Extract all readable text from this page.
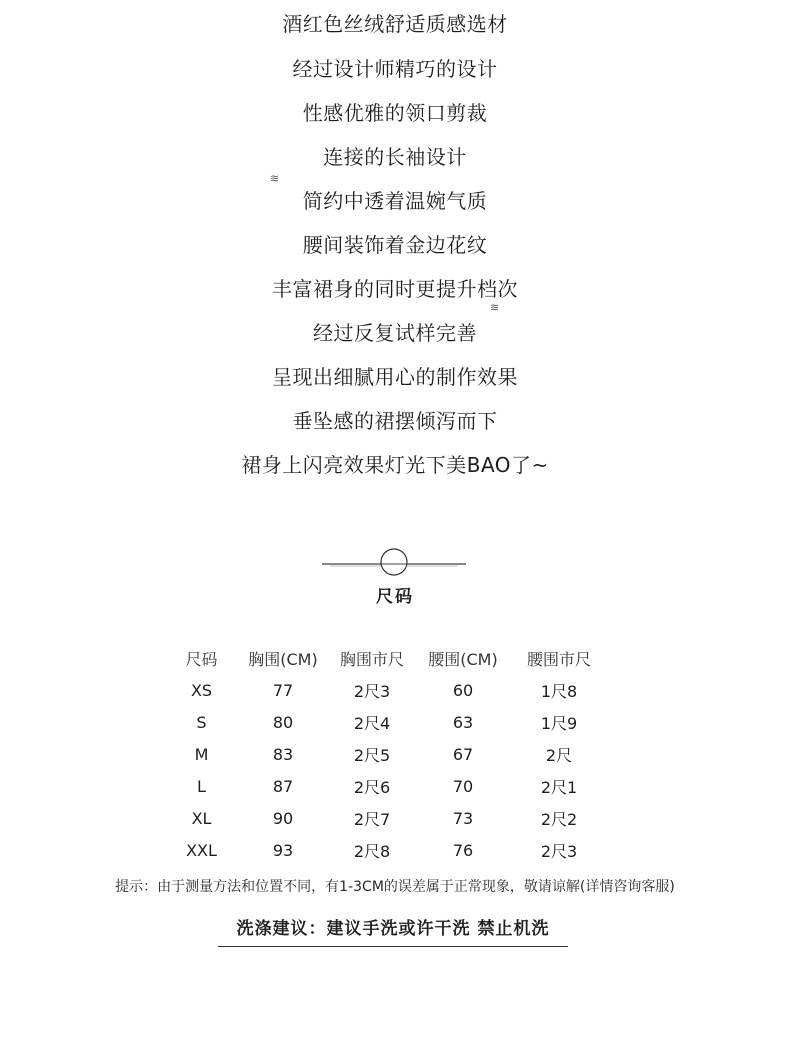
酒红色丝绒舒适质感选材
经过设计师精巧的设计
性感优雅的领口剪裁
连接的长袖设计
简约中透着温婉气质
腰间装饰着金边花纹
丰富裙身的同时更提升档次
经过反复试样完善
呈现出细腻用心的制作效果
垂坠感的裙摆倾泻而下
裙身上闪亮效果灯光下美BAO了~
≋
≋
尺码
尺码	胸围(CM)	胸围市尺	腰围(CM)	腰围市尺
XS	77	2尺3	60	1尺8
S	80	2尺4	63	1尺9
M	83	2尺5	67	2尺
L	87	2尺6	70	2尺1
XL	90	2尺7	73	2尺2
XXL	93	2尺8	76	2尺3
提示：由于测量方法和位置不同，有1-3CM的误差属于正常现象，敬请谅解(详情咨询客服)
洗涤建议：建议手洗或许干洗 禁止机洗
